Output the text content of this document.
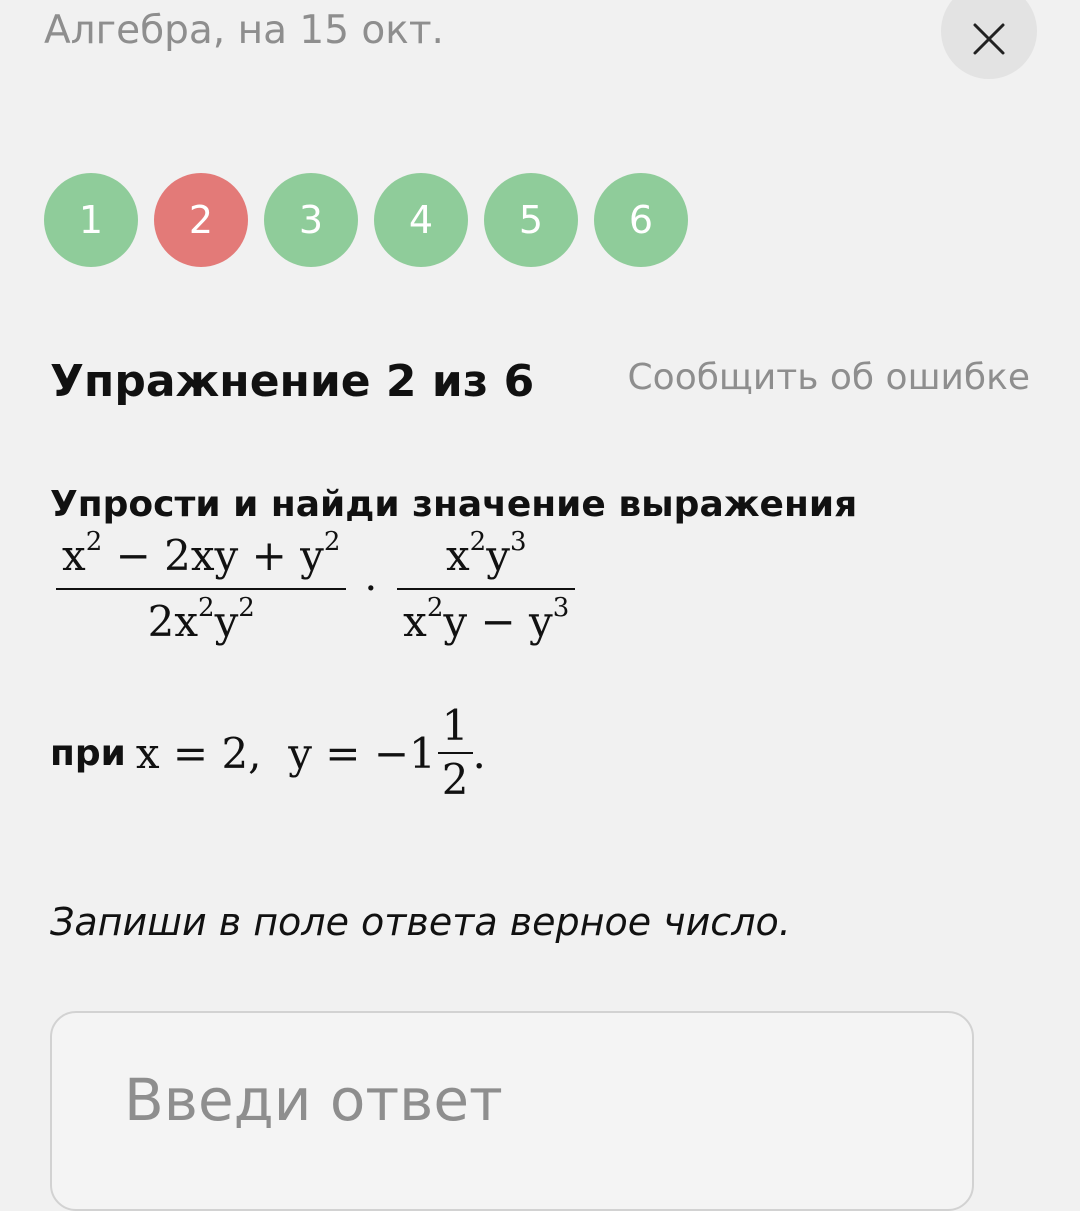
Алгебра, на 15 окт.
1 2 3 4 5 6
Упражнение 2 из 6	Сообщить об ошибке
Упрости и найди значение выражения
$\frac{x^2 - 2xy + y^2}{2x^2y^2} \cdot \frac{x^2y^3}{x^2y - y^3}$
при x = 2,  $y = -1 \frac{1}{2}$ .
Запиши в поле ответа верное число.
Введи ответ
